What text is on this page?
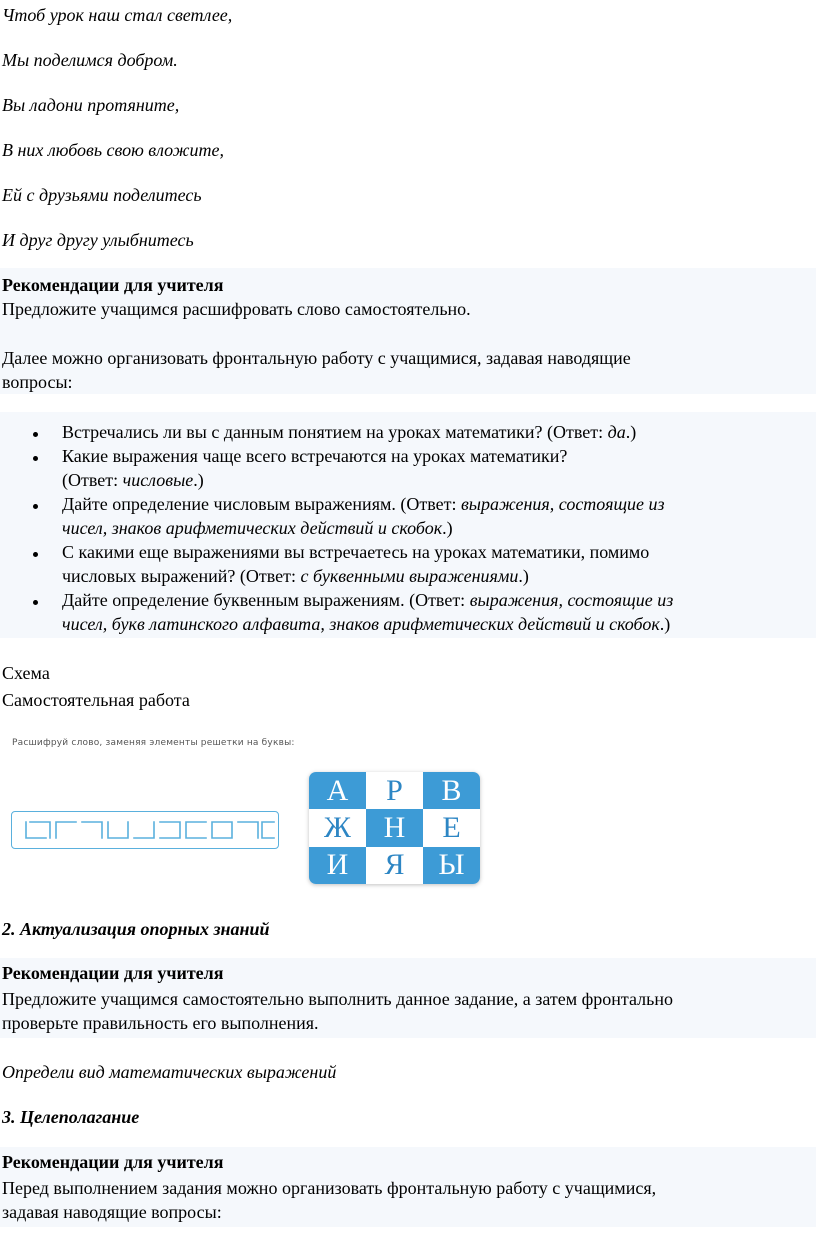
Чтоб урок наш стал светлее,
Мы поделимся добром.
Вы ладони протяните,
В них любовь свою вложите,
Ей с друзьями поделитесь
И друг другу улыбнитесь
Рекомендации для учителя
Предложите учащимся расшифровать слово самостоятельно.
Далее можно организовать фронтальную работу с учащимися, задавая наводящие
вопросы:
Встречались ли вы с данным понятием на уроках математики? (Ответ: да.)
Какие выражения чаще всего встречаются на уроках математики?
(Ответ: числовые.)
Дайте определение числовым выражениям. (Ответ: выражения, состоящие из
чисел, знаков арифметических действий и скобок.)
С какими еще выражениями вы встречаетесь на уроках математики, помимо
числовых выражений? (Ответ: с буквенными выражениями.)
Дайте определение буквенным выражениям. (Ответ: выражения, состоящие из
чисел, букв латинского алфавита, знаков арифметических действий и скобок.)
Схема
Самостоятельная работа
Расшифруй слово, заменяя элементы решетки на буквы:
А	Р	В
Ж	Н	Е
И	Я	Ы
2. Актуализация опорных знаний
Рекомендации для учителя
Предложите учащимся самостоятельно выполнить данное задание, а затем фронтально
проверьте правильность его выполнения.
Определи вид математических выражений
3. Целеполагание
Рекомендации для учителя
Перед выполнением задания можно организовать фронтальную работу с учащимися,
задавая наводящие вопросы:
